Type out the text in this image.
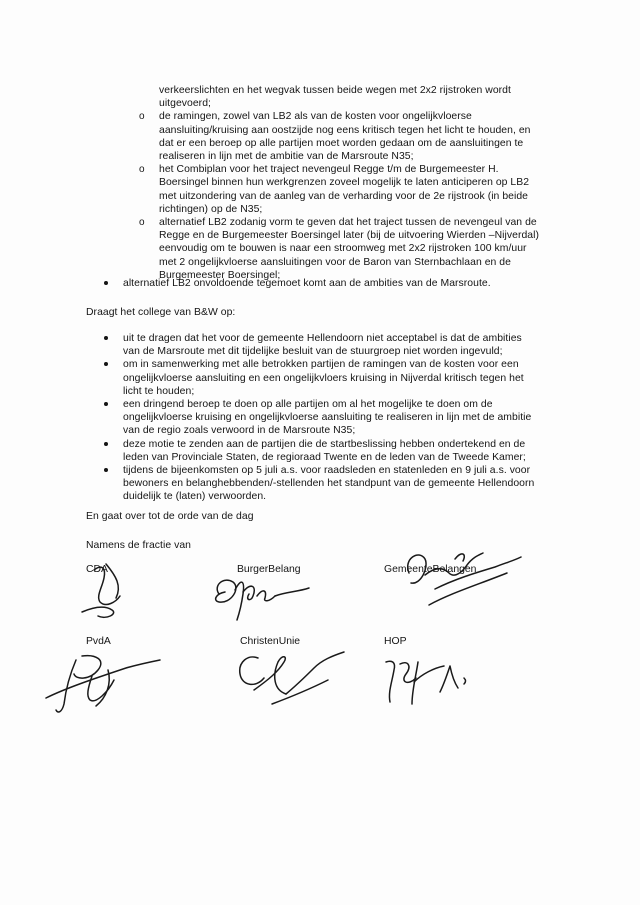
verkeerslichten en het wegvak tussen beide wegen met 2x2 rijstroken wordt
uitgevoerd;

o de ramingen, zowel van LB2 als van de kosten voor ongelijkvloerse
aansluiting/kruising aan oostzijde nog eens kritisch tegen het licht te houden, en
dat er een beroep op alle partijen moet worden gedaan om de aansluitingen te
realiseren in lijn met de ambitie van de Marsroute N35;

o het Combiplan voor het traject nevengeul Regge t/m de Burgemeester H.
Boersingel binnen hun werkgrenzen zoveel mogelijk te laten anticiperen op LB2
met uitzondering van de aanleg van de verharding voor de 2e rijstrook (in beide
richtingen) op de N35;

o alternatief LB2 zodanig vorm te geven dat het traject tussen de nevengeul van de
Regge en de Burgemeester Boersingel later (bij de uitvoering Wierden –Nijverdal)
eenvoudig om te bouwen is naar een stroomweg met 2x2 rijstroken 100 km/uur
met 2 ongelijkvloerse aansluitingen voor de Baron van Sternbachlaan en de
Burgemeester Boersingel;

alternatief LB2 onvoldoende tegemoet komt aan de ambities van de Marsroute.

Draagt het college van B&W op:

uit te dragen dat het voor de gemeente Hellendoorn niet acceptabel is dat de ambities
van de Marsroute met dit tijdelijke besluit van de stuurgroep niet worden ingevuld;

om in samenwerking met alle betrokken partijen de ramingen van de kosten voor een
ongelijkvloerse aansluiting en een ongelijkvloers kruising in Nijverdal kritisch tegen het
licht te houden;

een dringend beroep te doen op alle partijen om al het mogelijke te doen om de
ongelijkvloerse kruising en ongelijkvloerse aansluiting te realiseren in lijn met de ambitie
van de regio zoals verwoord in de Marsroute N35;

deze motie te zenden aan de partijen die de startbeslissing hebben ondertekend en de
leden van Provinciale Staten, de regioraad Twente en de leden van de Tweede Kamer;

tijdens de bijeenkomsten op 5 juli a.s. voor raadsleden en statenleden en 9 juli a.s. voor
bewoners en belanghebbenden/-stellenden het standpunt van de gemeente Hellendoorn
duidelijk te (laten) verwoorden.

En gaat over tot de orde van de dag
Namens de fractie van
CDA	BurgerBelang	GemeenteBelangen
PvdA	ChristenUnie	HOP
